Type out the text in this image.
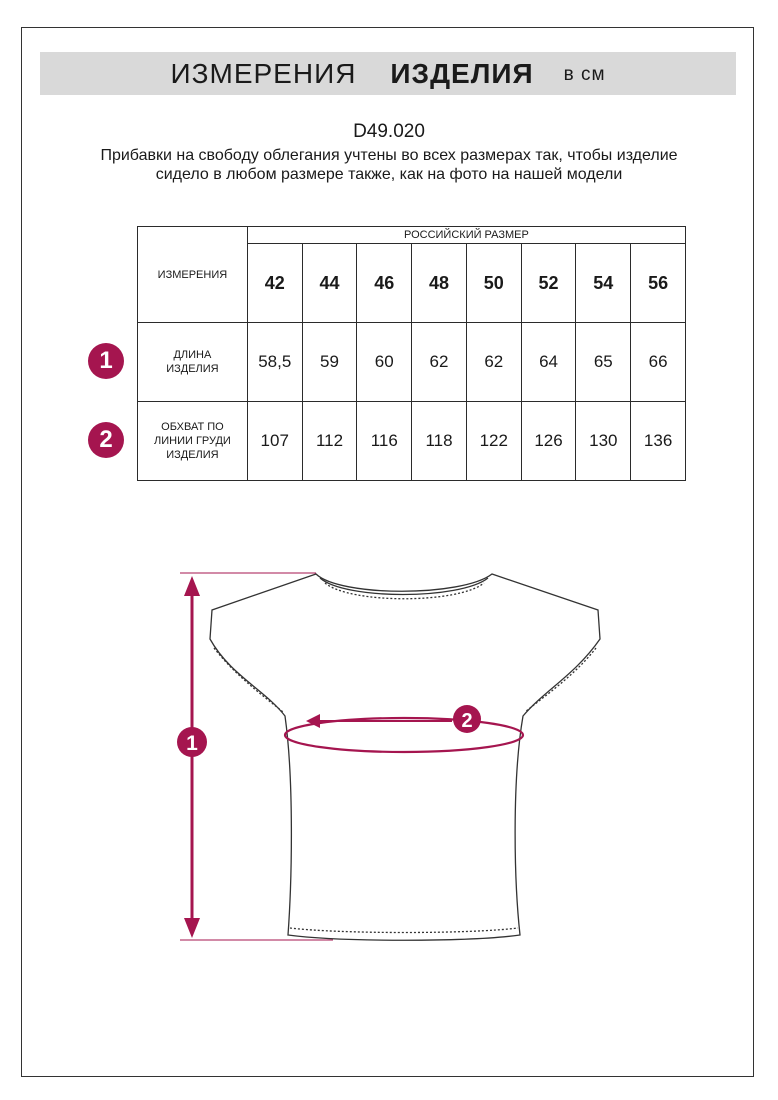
ИЗМЕРЕНИЯ ИЗДЕЛИЯ в см
D49.020
Прибавки на свободу облегания учтены во всех размерах так, чтобы изделие сидело в любом размере также, как на фото на нашей модели
ИЗМЕРЕНИЯ	РОССИЙСКИЙ РАЗМЕР							
	42	44	46	48	50	52	54	56
ДЛИНА ИЗДЕЛИЯ	58,5	59	60	62	62	64	65	66
ОБХВАТ ПО ЛИНИИ ГРУДИ ИЗДЕЛИЯ	107	112	116	118	122	126	130	136
1
2
1
2
